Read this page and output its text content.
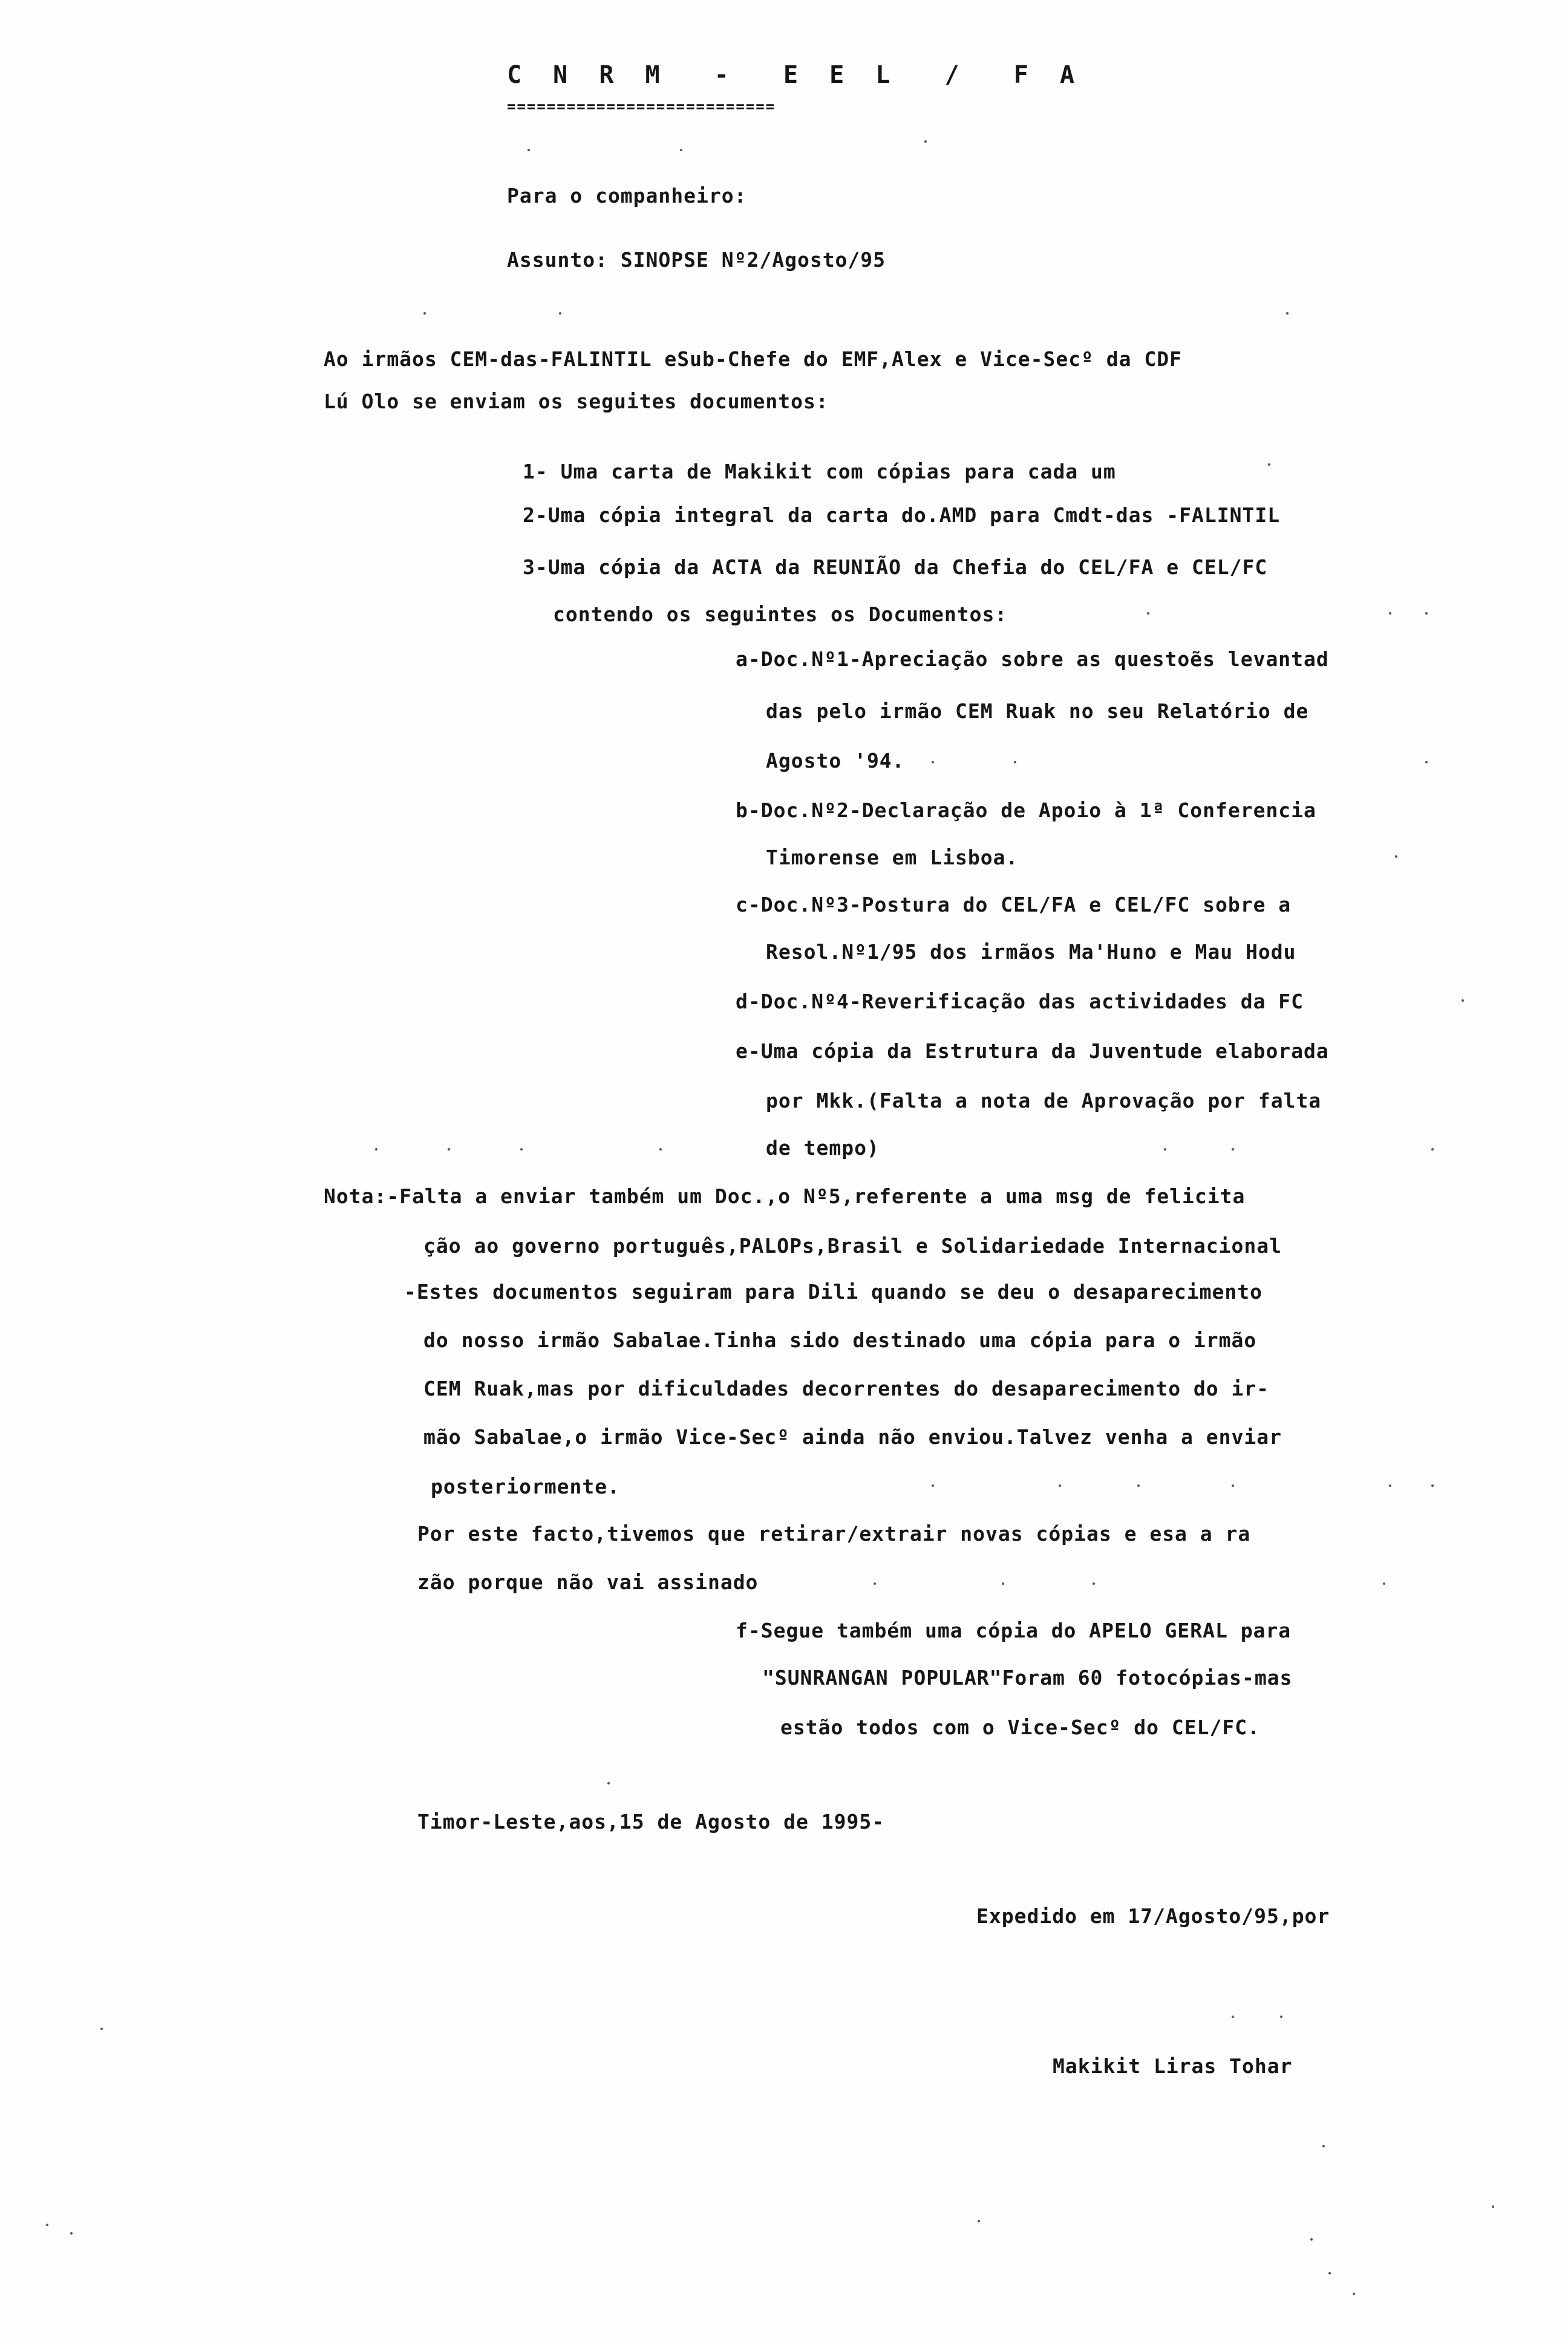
C N R M  -  E E L  /  F A
===========================
Para o companheiro:
Assunto: SINOPSE Nº2/Agosto/95
Ao irmãos CEM-das-FALINTIL eSub-Chefe do EMF,Alex e Vice-Secº da CDF
Lú Olo se enviam os seguites documentos:
1- Uma carta de Makikit com cópias para cada um
2-Uma cópia integral da carta do.AMD para Cmdt-das -FALINTIL
3-Uma cópia da ACTA da REUNIÃO da Chefia do CEL/FA e CEL/FC
contendo os seguintes os Documentos:
a-Doc.Nº1-Apreciação sobre as questoẽs levantad
das pelo irmão CEM Ruak no seu Relatório de
Agosto '94.
b-Doc.Nº2-Declaração de Apoio à 1ª Conferencia
Timorense em Lisboa.
c-Doc.Nº3-Postura do CEL/FA e CEL/FC sobre a
Resol.Nº1/95 dos irmãos Ma'Huno e Mau Hodu
d-Doc.Nº4-Reverificação das actividades da FC
e-Uma cópia da Estrutura da Juventude elaborada
por Mkk.(Falta a nota de Aprovação por falta
de tempo)
Nota:-Falta a enviar também um Doc.,o Nº5,referente a uma msg de felicita
ção ao governo português,PALOPs,Brasil e Solidariedade Internacional
-Estes documentos seguiram para Dili quando se deu o desaparecimento
do nosso irmão Sabalae.Tinha sido destinado uma cópia para o irmão
CEM Ruak,mas por dificuldades decorrentes do desaparecimento do ir-
mão Sabalae,o irmão Vice-Secº ainda não enviou.Talvez venha a enviar
posteriormente.
Por este facto,tivemos que retirar/extrair novas cópias e esa a ra
zão porque não vai assinado
f-Segue também uma cópia do APELO GERAL para
"SUNRANGAN POPULAR"Foram 60 fotocópias-mas
estão todos com o Vice-Secº do CEL/FC.
Timor-Leste,aos,15 de Agosto de 1995-
Expedido em 17/Agosto/95,por
Makikit Liras Tohar
